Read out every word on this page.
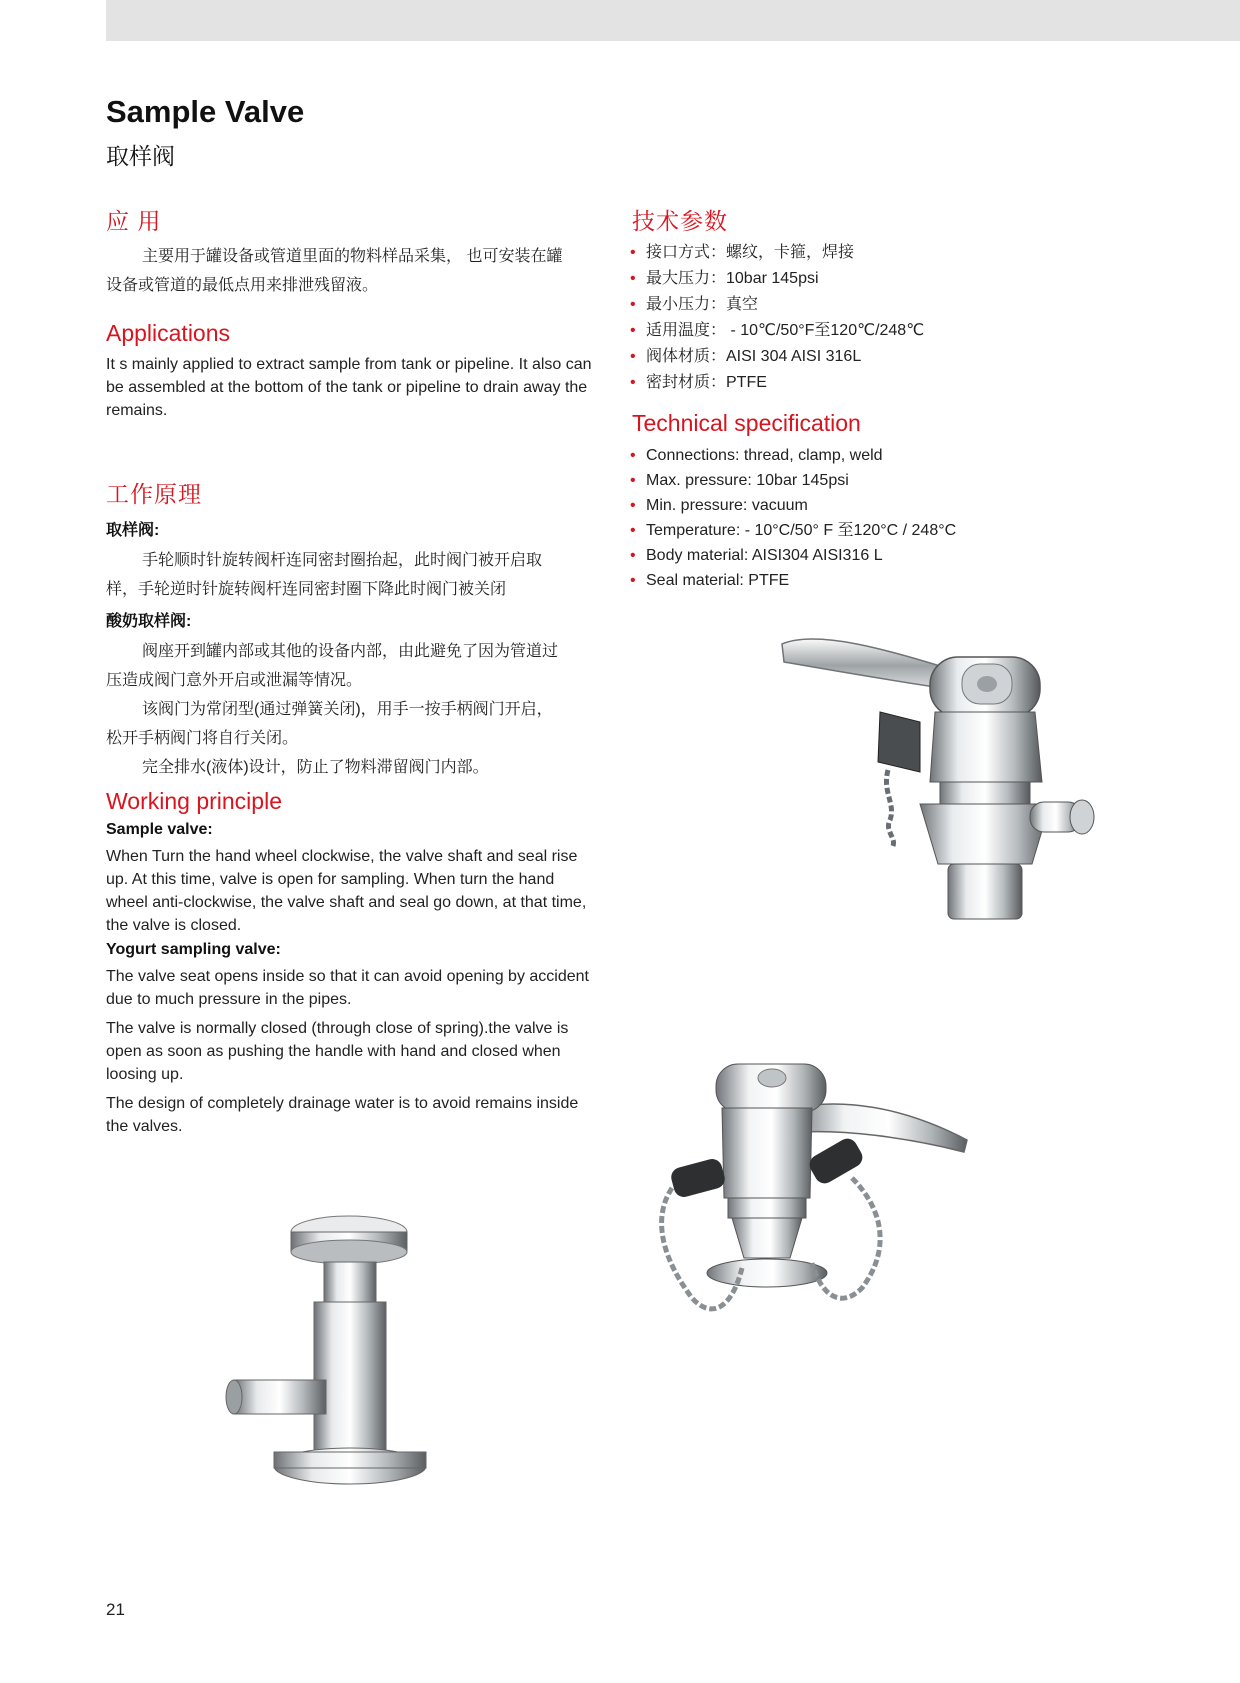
Sample Valve
取样阀
应 用

主要用于罐设备或管道里面的物料样品采集， 也可安装在罐

设备或管道的最低点用来排泄残留液。

Applications

It s mainly applied to extract sample from tank or pipeline. It also can be assembled at the bottom of the tank or pipeline to drain away the remains.

工作原理

取样阀:

手轮顺时针旋转阀杆连同密封圈抬起，此时阀门被开启取

样，手轮逆时针旋转阀杆连同密封圈下降此时阀门被关闭

酸奶取样阀:

阀座开到罐内部或其他的设备内部，由此避免了因为管道过

压造成阀门意外开启或泄漏等情况。

该阀门为常闭型(通过弹簧关闭)，用手一按手柄阀门开启，

松开手柄阀门将自行关闭。

完全排水(液体)设计，防止了物料滞留阀门内部。

Working principle

Sample valve:

When Turn the hand wheel clockwise, the valve shaft and seal rise up. At this time, valve is open for sampling. When turn the hand wheel anti-clockwise, the valve shaft and seal go down, at that time, the valve is closed.

Yogurt sampling valve:

The valve seat opens inside so that it can avoid opening by accident due to much pressure in the pipes.

The valve is normally closed (through close of spring).the valve is open as soon as pushing the handle with hand and closed when loosing up.

The design of completely drainage water is to avoid remains inside the valves.

技术参数
• 接口方式：螺纹，卡箍，焊接
• 最大压力：10bar 145psi
• 最小压力：真空
• 适用温度： - 10℃/50°F至120℃/248℃
• 阀体材质：AISI 304 AISI 316L
• 密封材质：PTFE
Technical specification
• Connections: thread, clamp, weld
• Max. pressure: 10bar 145psi
• Min. pressure: vacuum
• Temperature: - 10°C/50° F 至120°C / 248°C
• Body material: AISI304 AISI316 L
• Seal material: PTFE
21
